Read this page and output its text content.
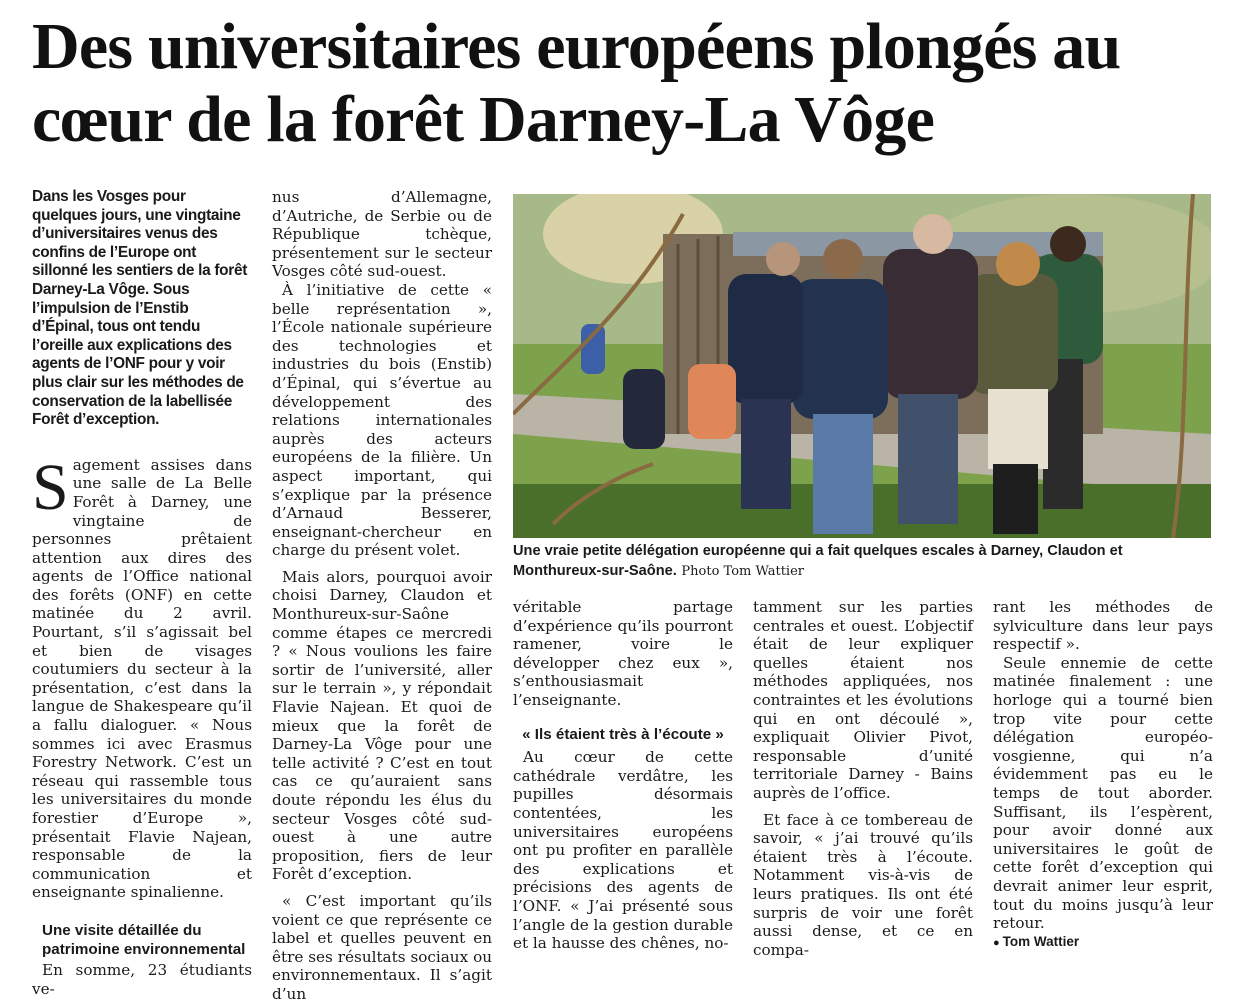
Des universitaires européens plongés au cœur de la forêt Darney-La Vôge
Dans les Vosges pour quelques jours, une vingtaine d’universitaires venus des confins de l’Europe ont sillonné les sentiers de la forêt Darney-La Vôge. Sous l’impulsion de l’Enstib d’Épinal, tous ont tendu l’oreille aux explications des agents de l’ONF pour y voir plus clair sur les méthodes de conservation de la labellisée Forêt d’exception.

Sagement assises dans une salle de La Belle Forêt à Darney, une vingtaine de personnes prêtaient attention aux dires des agents de l’Office national des forêts (ONF) en cette matinée du 2 avril. Pourtant, s’il s’agissait bel et bien de visages coutumiers du secteur à la présentation, c’est dans la langue de Shakespeare qu’il a fallu dialoguer. « Nous sommes ici avec Erasmus Forestry Network. C’est un réseau qui rassemble tous les universitaires du monde forestier d’Europe », présentait Flavie Najean, responsable de la communication et enseignante spinalienne.

Une visite détaillée du patrimoine environnemental

En somme, 23 étudiants ve-

nus d’Allemagne, d’Autriche, de Serbie ou de République tchèque, présentement sur le secteur Vosges côté sud-ouest.

À l’initiative de cette « belle représentation », l’École nationale supérieure des technologies et industries du bois (Enstib) d’Épinal, qui s’évertue au développement des relations internationales auprès des acteurs européens de la filière. Un aspect important, qui s’explique par la présence d’Arnaud Besserer, enseignant-chercheur en charge du présent volet.

Mais alors, pourquoi avoir choisi Darney, Claudon et Monthureux-sur-Saône comme étapes ce mercredi ? « Nous voulions les faire sortir de l’université, aller sur le terrain », y répondait Flavie Najean. Et quoi de mieux que la forêt de Darney-La Vôge pour une telle activité ? C’est en tout cas ce qu’auraient sans doute répondu les élus du secteur Vosges côté sud-ouest à une autre proposition, fiers de leur Forêt d’exception.

« C’est important qu’ils voient ce que représente ce label et quelles peuvent en être ses résultats sociaux ou environnementaux. Il s’agit d’un

Une vraie petite délégation européenne qui a fait quelques escales à Darney, Claudon et Monthureux-sur-Saône. Photo Tom Wattier

véritable partage d’expérience qu’ils pourront ramener, voire le développer chez eux », s’enthousiasmait l’enseignante.

« Ils étaient très à l’écoute »

Au cœur de cette cathédrale verdâtre, les pupilles désormais contentées, les universitaires européens ont pu profiter en parallèle des explications et précisions des agents de l’ONF. « J’ai présenté sous l’angle de la gestion durable et la hausse des chênes, no-

tamment sur les parties centrales et ouest. L’objectif était de leur expliquer quelles étaient nos méthodes appliquées, nos contraintes et les évolutions qui en ont découlé », expliquait Olivier Pivot, responsable d’unité territoriale Darney - Bains auprès de l’office.

Et face à ce tombereau de savoir, « j’ai trouvé qu’ils étaient très à l’écoute. Notamment vis-à-vis de leurs pratiques. Ils ont été surpris de voir une forêt aussi dense, et ce en compa-

rant les méthodes de sylviculture dans leur pays respectif ».

Seule ennemie de cette matinée finalement : une horloge qui a tourné bien trop vite pour cette délégation européo-vosgienne, qui n’a évidemment pas eu le temps de tout aborder. Suffisant, ils l’espèrent, pour avoir donné aux universitaires le goût de cette forêt d’exception qui devrait animer leur esprit, tout du moins jusqu’à leur retour.

● Tom Wattier
